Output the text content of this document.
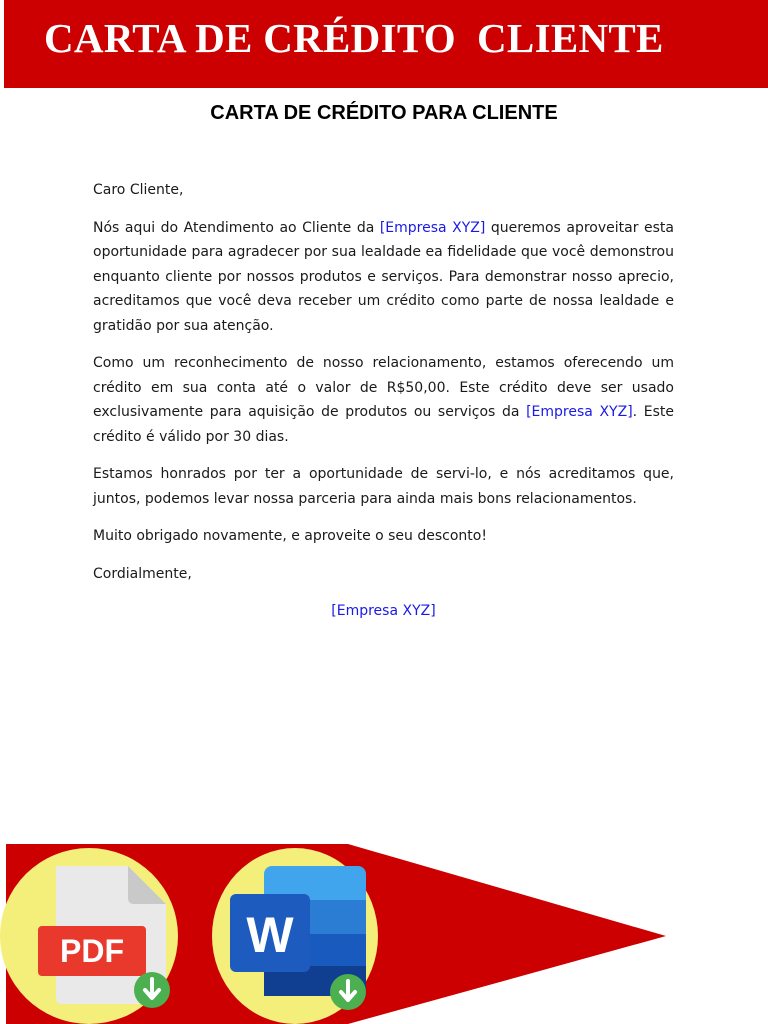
CARTA DE CRÉDITO  CLIENTE
CARTA DE CRÉDITO PARA CLIENTE

Caro Cliente,

Nós aqui do Atendimento ao Cliente da [Empresa XYZ] queremos aproveitar esta oportunidade para agradecer por sua lealdade ea fidelidade que você demonstrou enquanto cliente por nossos produtos e serviços. Para demonstrar nosso aprecio, acreditamos que você deva receber um crédito como parte de nossa lealdade e gratidão por sua atenção.

Como um reconhecimento de nosso relacionamento, estamos oferecendo um crédito em sua conta até o valor de R$50,00. Este crédito deve ser usado exclusivamente para aquisição de produtos ou serviços da [Empresa XYZ]. Este crédito é válido por 30 dias.

Estamos honrados por ter a oportunidade de servi-lo, e nós acreditamos que, juntos, podemos levar nossa parceria para ainda mais bons relacionamentos.

Muito obrigado novamente, e aproveite o seu desconto!

Cordialmente,

[Empresa XYZ]

PDF W
